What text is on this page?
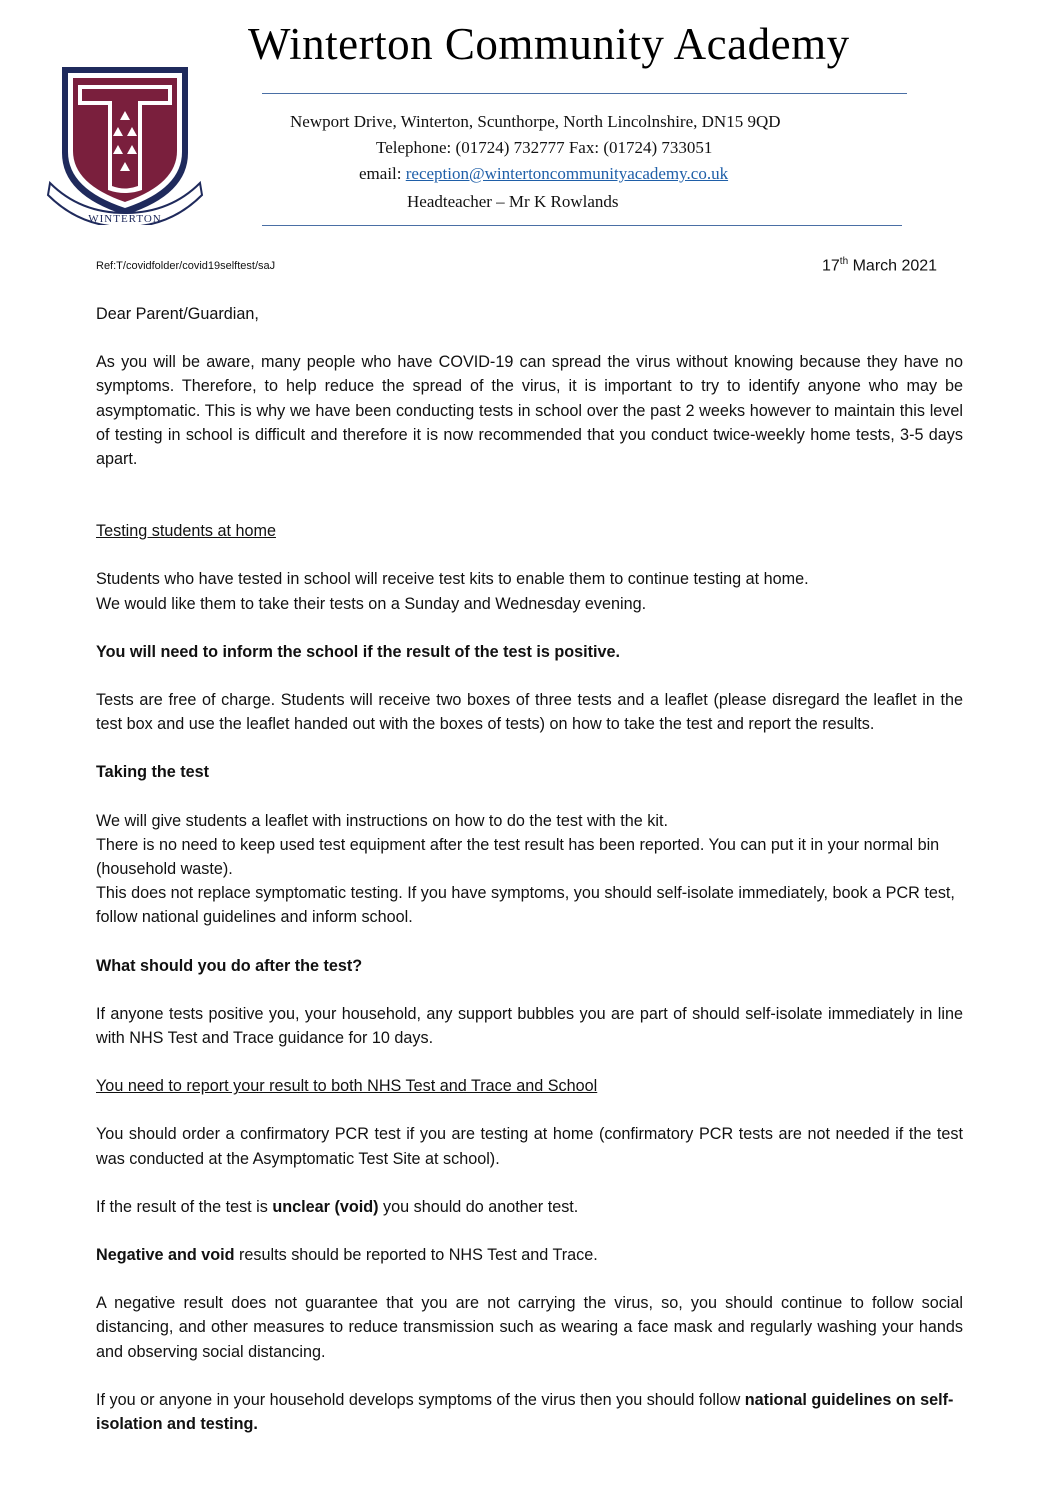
WINTERTON
Winterton Community Academy
Newport Drive, Winterton, Scunthorpe, North Lincolnshire, DN15 9QD
Telephone: (01724) 732777 Fax: (01724) 733051
email: reception@wintertoncommunityacademy.co.uk
Headteacher – Mr K Rowlands
Ref:T/covidfolder/covid19selftest/saJ	17th March 2021

Dear Parent/Guardian,

As you will be aware, many people who have COVID-19 can spread the virus without knowing because they have no symptoms. Therefore, to help reduce the spread of the virus, it is important to try to identify anyone who may be asymptomatic. This is why we have been conducting tests in school over the past 2 weeks however to maintain this level of testing in school is difficult and therefore it is now recommended that you conduct twice-weekly home tests, 3-5 days apart.

Testing students at home

Students who have tested in school will receive test kits to enable them to continue testing at home.
We would like them to take their tests on a Sunday and Wednesday evening.

You will need to inform the school if the result of the test is positive.

Tests are free of charge. Students will receive two boxes of three tests and a leaflet (please disregard the leaflet in the test box and use the leaflet handed out with the boxes of tests) on how to take the test and report the results.

Taking the test

We will give students a leaflet with instructions on how to do the test with the kit.
There is no need to keep used test equipment after the test result has been reported. You can put it in your normal bin (household waste).
This does not replace symptomatic testing. If you have symptoms, you should self-isolate immediately, book a PCR test, follow national guidelines and inform school.

What should you do after the test?

If anyone tests positive you, your household, any support bubbles you are part of should self-isolate immediately in line with NHS Test and Trace guidance for 10 days.

You need to report your result to both NHS Test and Trace and School

You should order a confirmatory PCR test if you are testing at home (confirmatory PCR tests are not needed if the test was conducted at the Asymptomatic Test Site at school).

If the result of the test is unclear (void) you should do another test.

Negative and void results should be reported to NHS Test and Trace.

A negative result does not guarantee that you are not carrying the virus, so, you should continue to follow social distancing, and other measures to reduce transmission such as wearing a face mask and regularly washing your hands and observing social distancing.

If you or anyone in your household develops symptoms of the virus then you should follow national guidelines on self-isolation and testing.
